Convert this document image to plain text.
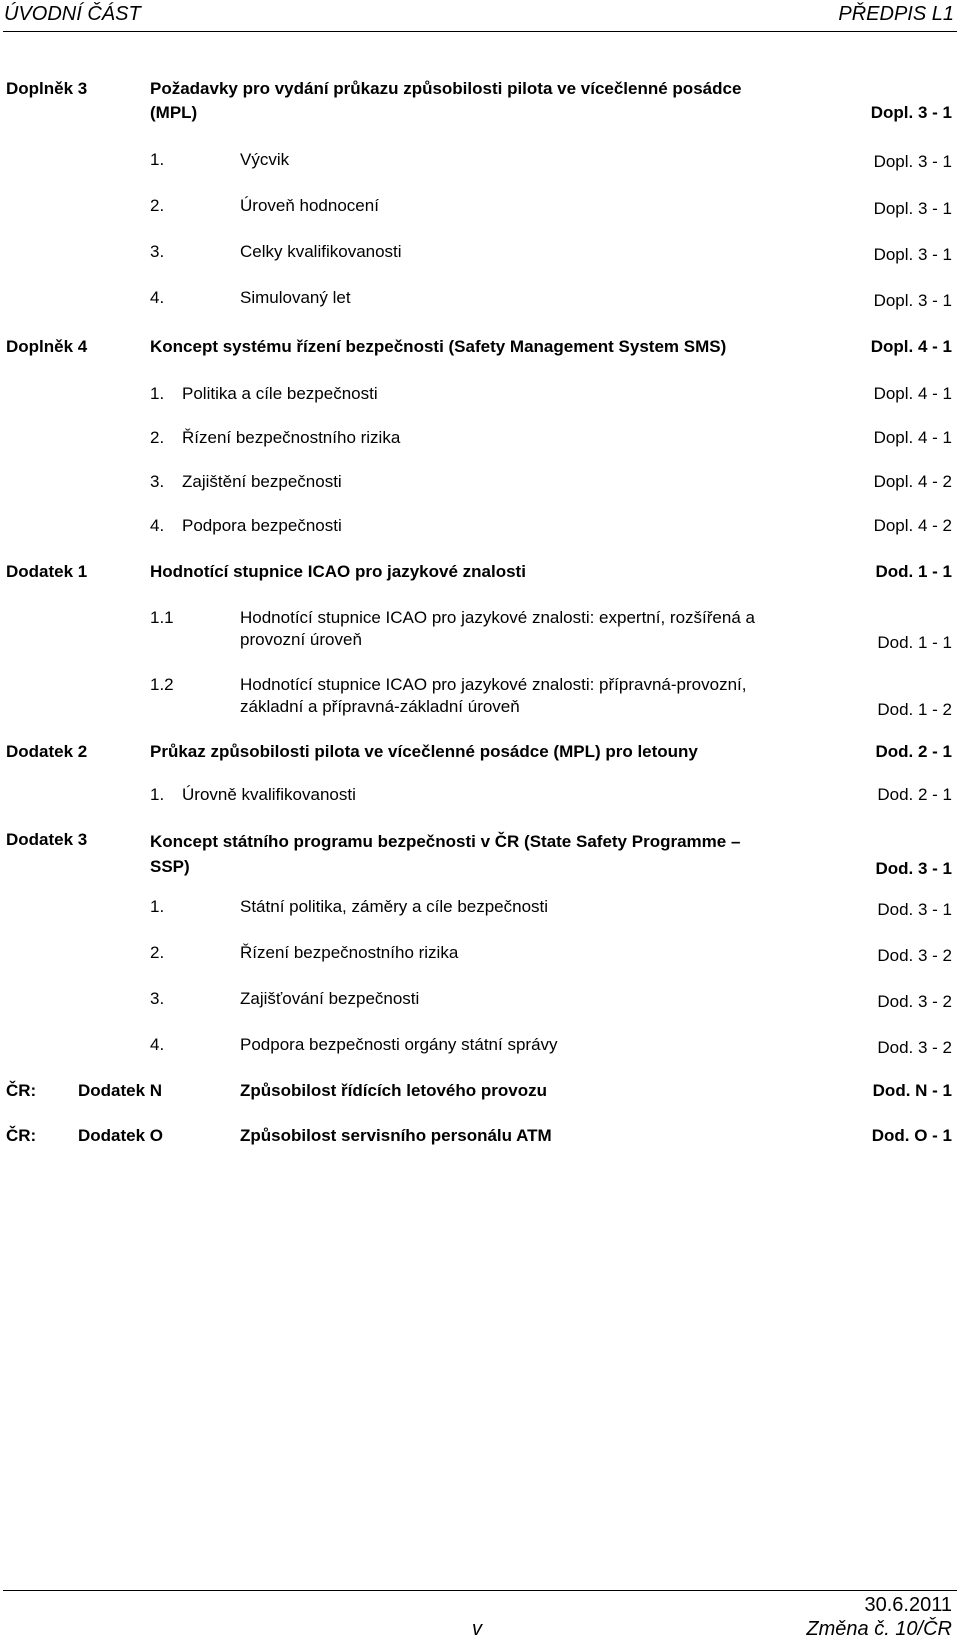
ÚVODNÍ ČÁST	PŘEDPIS L1
Doplněk 3	Požadavky pro vydání průkazu způsobilosti pilota ve vícečlenné posádce
(MPL)	Dopl. 3 - 1
1.	Výcvik	Dopl. 3 - 1
2.	Úroveň hodnocení	Dopl. 3 - 1
3.	Celky kvalifikovanosti	Dopl. 3 - 1
4.	Simulovaný let	Dopl. 3 - 1
Doplněk 4	Koncept systému řízení bezpečnosti (Safety Management System SMS)	Dopl. 4 - 1
1. Politika a cíle bezpečnosti	Dopl. 4 - 1
2. Řízení bezpečnostního rizika	Dopl. 4 - 1
3. Zajištění bezpečnosti	Dopl. 4 - 2
4. Podpora bezpečnosti	Dopl. 4 - 2
Dodatek 1	Hodnotící stupnice ICAO pro jazykové znalosti	Dod. 1 - 1
1.1	Hodnotící stupnice ICAO pro jazykové znalosti: expertní, rozšířená a
provozní úroveň	Dod. 1 - 1
1.2	Hodnotící stupnice ICAO pro jazykové znalosti: přípravná-provozní,
základní a přípravná-základní úroveň	Dod. 1 - 2
Dodatek 2	Průkaz způsobilosti pilota ve vícečlenné posádce (MPL) pro letouny	Dod. 2 - 1
1. Úrovně kvalifikovanosti	Dod. 2 - 1
Dodatek 3	Koncept státního programu bezpečnosti v ČR (State Safety Programme –
SSP)	Dod. 3 - 1
1.	Státní politika, záměry a cíle bezpečnosti	Dod. 3 - 1
2.	Řízení bezpečnostního rizika	Dod. 3 - 2
3.	Zajišťování bezpečnosti	Dod. 3 - 2
4.	Podpora bezpečnosti orgány státní správy	Dod. 3 - 2
ČR: Dodatek N	Způsobilost řídících letového provozu	Dod. N - 1
ČR: Dodatek O	Způsobilost servisního personálu ATM	Dod. O - 1
30.6.2011
v	Změna č. 10/ČR
